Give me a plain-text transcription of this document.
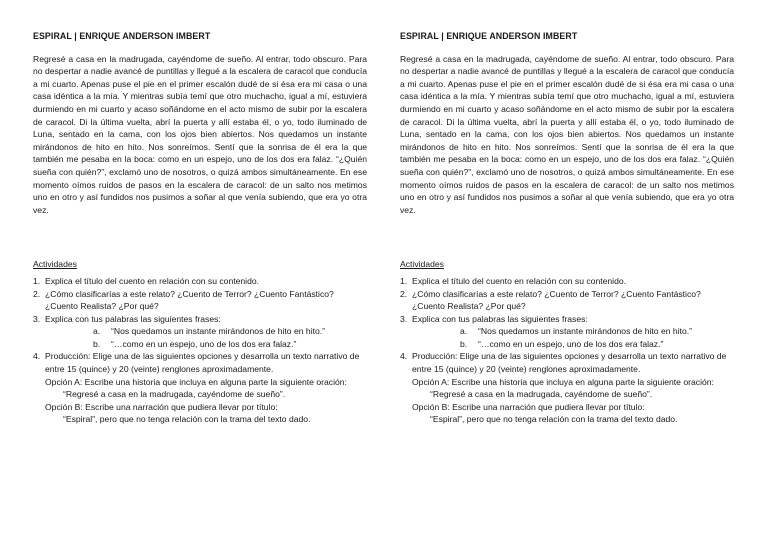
ESPIRAL | ENRIQUE ANDERSON IMBERT

Regresé a casa en la madrugada, cayéndome de sueño. Al entrar, todo obscuro. Para no despertar a nadie avancé de puntillas y llegué a la escalera de caracol que conducía a mi cuarto. Apenas puse el pie en el primer escalón dudé de si ésa era mi casa o una casa idéntica a la mía. Y mientras subía temí que otro muchacho, igual a mí, estuviera durmiendo en mi cuarto y acaso soñándome en el acto mismo de subir por la escalera de caracol. Di la última vuelta, abrí la puerta y allí estaba él, o yo, todo iluminado de Luna, sentado en la cama, con los ojos bien abiertos. Nos quedamos un instante mirándonos de hito en hito. Nos sonreímos. Sentí que la sonrisa de él era la que también me pesaba en la boca: como en un espejo, uno de los dos era falaz. “¿Quién sueña con quién?”, exclamó uno de nosotros, o quizá ambos simultáneamente. En ese momento oímos ruidos de pasos en la escalera de caracol: de un salto nos metimos uno en otro y así fundidos nos pusimos a soñar al que venía subiendo, que era yo otra vez.

Actividades
1. Explica el título del cuento en relación con su contenido.
2. ¿Cómo clasificarías a este relato? ¿Cuento de Terror? ¿Cuento Fantástico? ¿Cuento Realista? ¿Por qué?
3. Explica con tus palabras las siguientes frases:
a. “Nos quedamos un instante mirándonos de hito en hito.”
b. “…como en un espejo, uno de los dos era falaz.”
4. Producción: Elige una de las siguientes opciones y desarrolla un texto narrativo de entre 15 (quince) y 20 (veinte) renglones aproximadamente.
Opción A: Escribe una historia que incluya en alguna parte la siguiente oración:
“Regresé a casa en la madrugada, cayéndome de sueño”.
Opción B: Escribe una narración que pudiera llevar por título:
“Espiral”, pero que no tenga relación con la trama del texto dado.

ESPIRAL | ENRIQUE ANDERSON IMBERT

Regresé a casa en la madrugada, cayéndome de sueño. Al entrar, todo obscuro. Para no despertar a nadie avancé de puntillas y llegué a la escalera de caracol que conducía a mi cuarto. Apenas puse el pie en el primer escalón dudé de si ésa era mi casa o una casa idéntica a la mía. Y mientras subía temí que otro muchacho, igual a mí, estuviera durmiendo en mi cuarto y acaso soñándome en el acto mismo de subir por la escalera de caracol. Di la última vuelta, abrí la puerta y allí estaba él, o yo, todo iluminado de Luna, sentado en la cama, con los ojos bien abiertos. Nos quedamos un instante mirándonos de hito en hito. Nos sonreímos. Sentí que la sonrisa de él era la que también me pesaba en la boca: como en un espejo, uno de los dos era falaz. “¿Quién sueña con quién?”, exclamó uno de nosotros, o quizá ambos simultáneamente. En ese momento oímos ruidos de pasos en la escalera de caracol: de un salto nos metimos uno en otro y así fundidos nos pusimos a soñar al que venía subiendo, que era yo otra vez.

Actividades
1. Explica el título del cuento en relación con su contenido.
2. ¿Cómo clasificarías a este relato? ¿Cuento de Terror? ¿Cuento Fantástico? ¿Cuento Realista? ¿Por qué?
3. Explica con tus palabras las siguientes frases:
a. “Nos quedamos un instante mirándonos de hito en hito.”
b. “…como en un espejo, uno de los dos era falaz.”
4. Producción: Elige una de las siguientes opciones y desarrolla un texto narrativo de entre 15 (quince) y 20 (veinte) renglones aproximadamente.
Opción A: Escribe una historia que incluya en alguna parte la siguiente oración:
“Regresé a casa en la madrugada, cayéndome de sueño”.
Opción B: Escribe una narración que pudiera llevar por título:
“Espiral”, pero que no tenga relación con la trama del texto dado.
